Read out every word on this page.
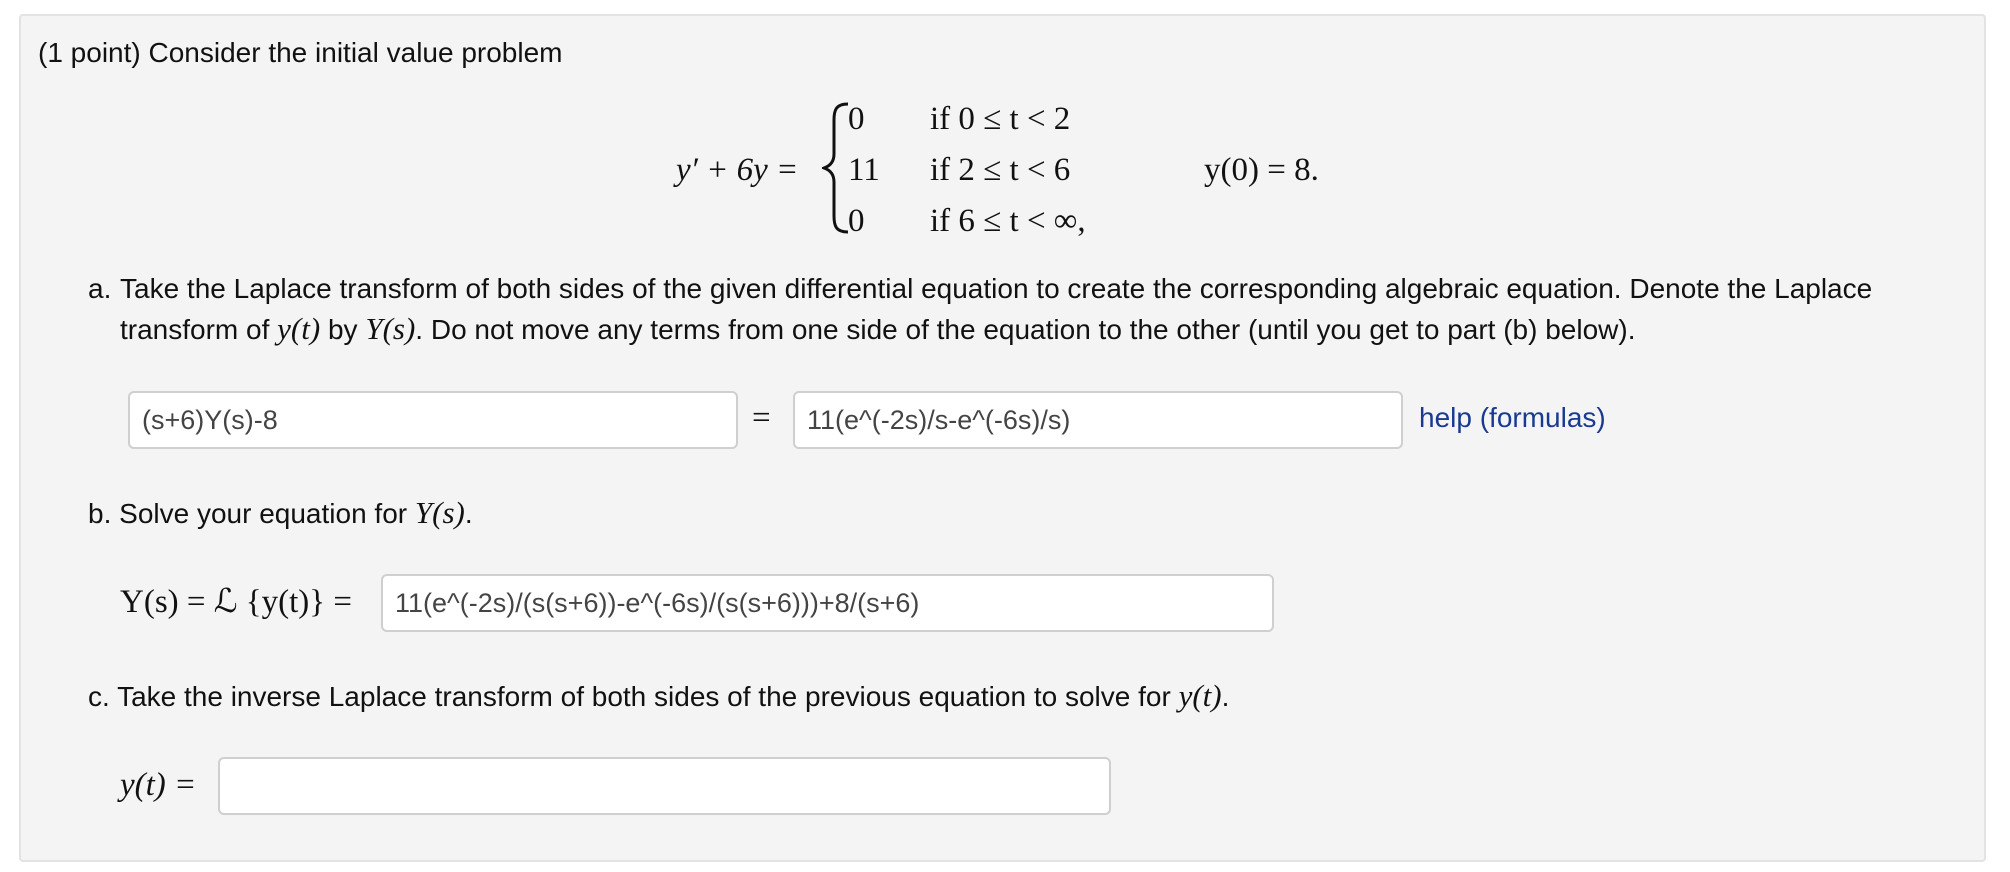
(1 point) Consider the initial value problem
y′ + 6y =
0
11
0
if 0 ≤ t < 2
if 2 ≤ t < 6
if 6 ≤ t < ∞,
y(0) = 8.
a. Take the Laplace transform of both sides of the given differential equation to create the corresponding algebraic equation. Denote the Laplace
transform of y(t) by Y(s). Do not move any terms from one side of the equation to the other (until you get to part (b) below).
(s+6)Y(s)-8
=
11(e^(-2s)/s-e^(-6s)/s)	help (formulas)
b. Solve your equation for Y(s).
Y(s) = ℒ {y(t)} =
11(e^(-2s)/(s(s+6))-e^(-6s)/(s(s+6)))+8/(s+6)
c. Take the inverse Laplace transform of both sides of the previous equation to solve for y(t).
y(t) =
